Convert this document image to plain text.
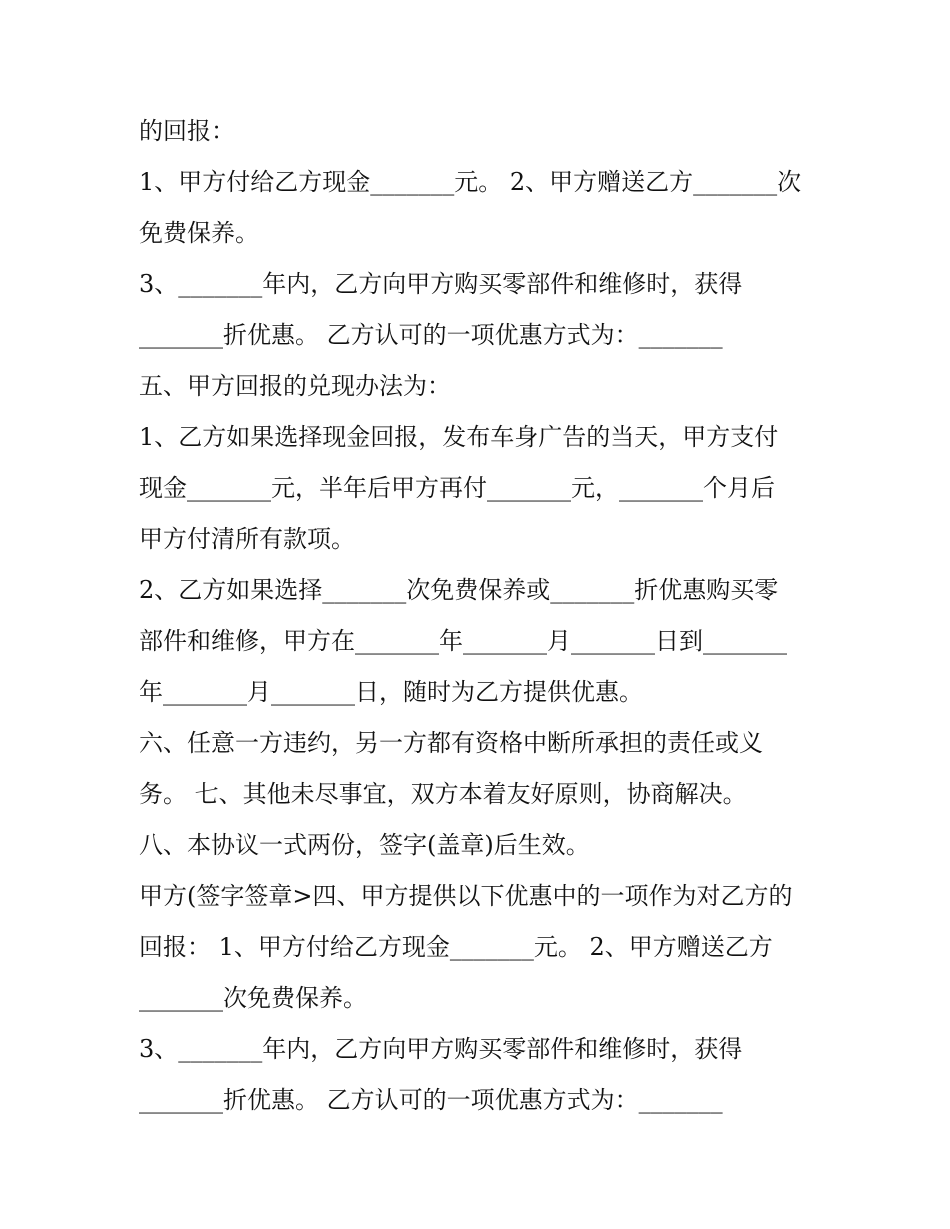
的回报：
1、甲方付给乙方现金_______元。 2、甲方赠送乙方_______次
免费保养。
3、_______年内，乙方向甲方购买零部件和维修时，获得
_______折优惠。 乙方认可的一项优惠方式为：_______
五、甲方回报的兑现办法为：
1、乙方如果选择现金回报，发布车身广告的当天，甲方支付
现金_______元，半年后甲方再付_______元，_______个月后
甲方付清所有款项。
2、乙方如果选择_______次免费保养或_______折优惠购买零
部件和维修，甲方在_______年_______月_______日到_______
年_______月_______日，随时为乙方提供优惠。
六、任意一方违约，另一方都有资格中断所承担的责任或义
务。 七、其他未尽事宜，双方本着友好原则，协商解决。
八、本协议一式两份，签字(盖章)后生效。
甲方(签字签章>四、甲方提供以下优惠中的一项作为对乙方的
回报： 1、甲方付给乙方现金_______元。 2、甲方赠送乙方
_______次免费保养。
3、_______年内，乙方向甲方购买零部件和维修时，获得
_______折优惠。 乙方认可的一项优惠方式为：_______
